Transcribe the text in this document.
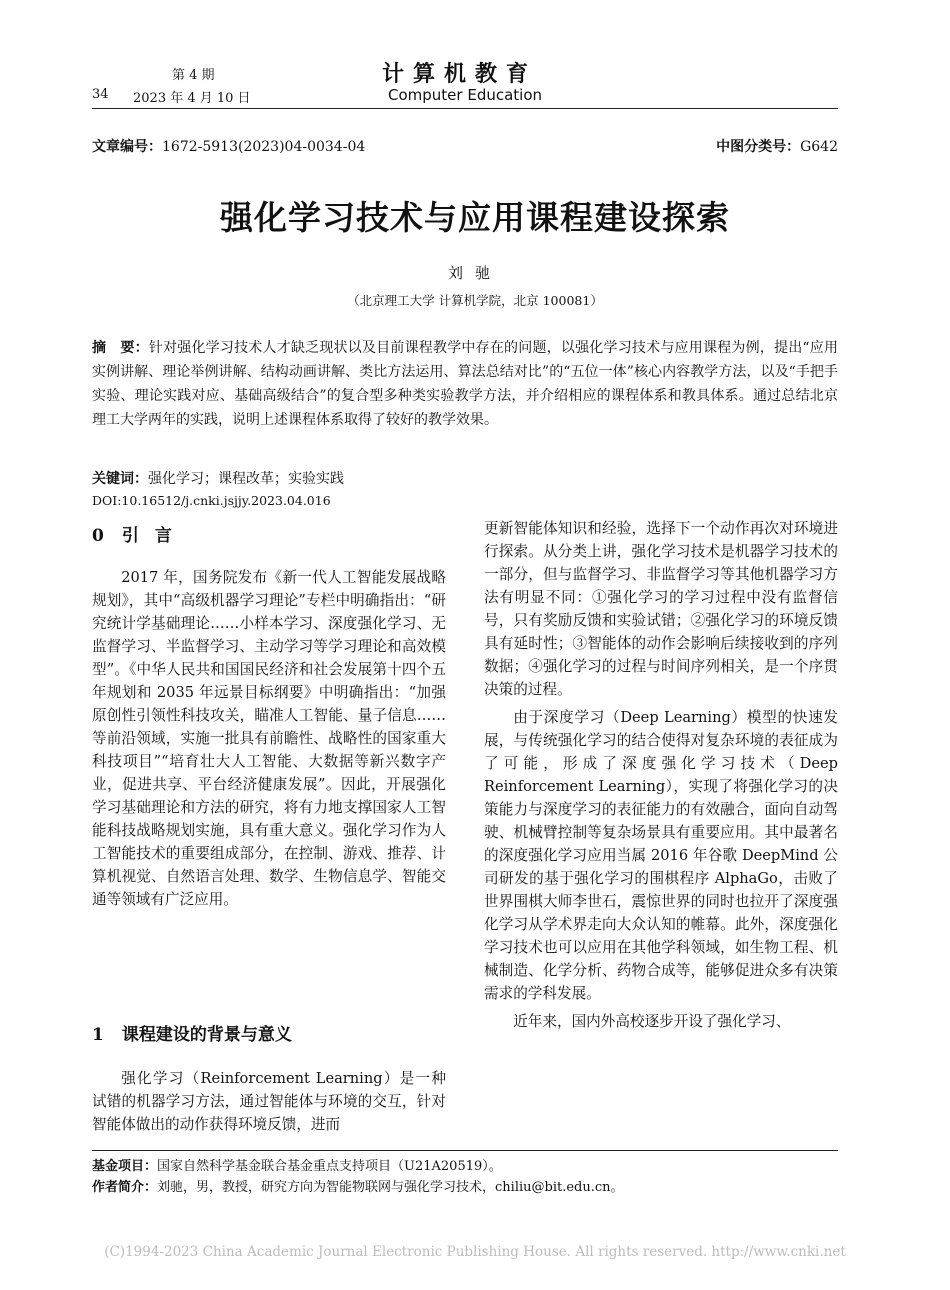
第 4 期
34 2023 年 4 月 10 日
计算机教育
Computer Education
文章编号：1672-5913(2023)04-0034-04	中图分类号：G642
强化学习技术与应用课程建设探索
刘驰
（北京理工大学 计算机学院，北京 100081）
摘　要：针对强化学习技术人才缺乏现状以及目前课程教学中存在的问题，以强化学习技术与应用课程为例，提出“应用实例讲解、理论举例讲解、结构动画讲解、类比方法运用、算法总结对比”的“五位一体”核心内容教学方法，以及“手把手实验、理论实践对应、基础高级结合”的复合型多种类实验教学方法，并介绍相应的课程体系和教具体系。通过总结北京理工大学两年的实践，说明上述课程体系取得了较好的教学效果。
关键词：强化学习；课程改革；实验实践
DOI:10.16512/j.cnki.jsjjy.2023.04.016
0 引言

2017 年，国务院发布《新一代人工智能发展战略规划》，其中“高级机器学习理论”专栏中明确指出：“研究统计学基础理论……小样本学习、深度强化学习、无监督学习、半监督学习、主动学习等学习理论和高效模型”。《中华人民共和国国民经济和社会发展第十四个五年规划和 2035 年远景目标纲要》中明确指出：“加强原创性引领性科技攻关，瞄准人工智能、量子信息……等前沿领域，实施一批具有前瞻性、战略性的国家重大科技项目”“培育壮大人工智能、大数据等新兴数字产业，促进共享、平台经济健康发展”。因此，开展强化学习基础理论和方法的研究，将有力地支撑国家人工智能科技战略规划实施，具有重大意义。强化学习作为人工智能技术的重要组成部分，在控制、游戏、推荐、计算机视觉、自然语言处理、数学、生物信息学、智能交通等领域有广泛应用。

1 课程建设的背景与意义

强化学习（Reinforcement Learning）是一种试错的机器学习方法，通过智能体与环境的交互，针对智能体做出的动作获得环境反馈，进而

更新智能体知识和经验，选择下一个动作再次对环境进行探索。从分类上讲，强化学习技术是机器学习技术的一部分，但与监督学习、非监督学习等其他机器学习方法有明显不同：①强化学习的学习过程中没有监督信号，只有奖励反馈和实验试错；②强化学习的环境反馈具有延时性；③智能体的动作会影响后续接收到的序列数据；④强化学习的过程与时间序列相关，是一个序贯决策的过程。

由于深度学习（Deep Learning）模型的快速发展，与传统强化学习的结合使得对复杂环境的表征成为了可能，形成了深度强化学习技术（Deep Reinforcement Learning），实现了将强化学习的决策能力与深度学习的表征能力的有效融合，面向自动驾驶、机械臂控制等复杂场景具有重要应用。其中最著名的深度强化学习应用当属 2016 年谷歌 DeepMind 公司研发的基于强化学习的围棋程序 AlphaGo，击败了世界围棋大师李世石，震惊世界的同时也拉开了深度强化学习从学术界走向大众认知的帷幕。此外，深度强化学习技术也可以应用在其他学科领域，如生物工程、机械制造、化学分析、药物合成等，能够促进众多有决策需求的学科发展。

近年来，国内外高校逐步开设了强化学习、

基金项目：国家自然科学基金联合基金重点支持项目（U21A20519）。
作者简介：刘驰，男，教授，研究方向为智能物联网与强化学习技术，chiliu@bit.edu.cn。
(C)1994-2023 China Academic Journal Electronic Publishing House. All rights reserved. http://www.cnki.net
